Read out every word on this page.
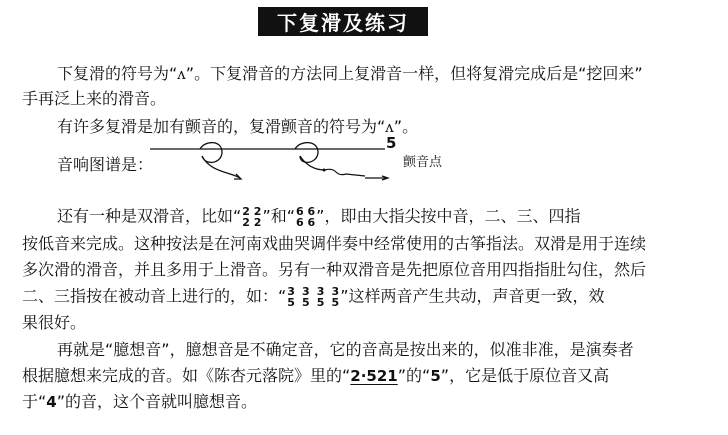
下复滑及练习
下复滑的符号为“ᴧ”。下复滑音的方法同上复滑音一样，但将复滑完成后是“挖回来”
手再泛上来的滑音。
有许多复滑是加有颤音的，复滑颤音的符号为“ᴧ”。
音响图谱是：
5
颤音点
还有一种是双滑音，比如“ 2 2
2 2 ”和“ 6 6
6 6 ”，即由大指尖按中音，二、三、四指
按低音来完成。这种按法是在河南戏曲哭调伴奏中经常使用的古筝指法。双滑是用于连续
多次滑的滑音，并且多用于上滑音。另有一种双滑音是先把原位音用四指指肚勾住，然后
二、三指按在被动音上进行的，如：“ 3
5

3
5

3
5

3
5 ”这样两音产生共动，声音更一致，效
果很好。
再就是“臆想音”，臆想音是不确定音，它的音高是按出来的，似准非准，是演奏者
根据臆想来完成的音。如《陈杏元落院》里的“2·521”的“5”，它是低于原位音又高
于“4”的音，这个音就叫臆想音。
